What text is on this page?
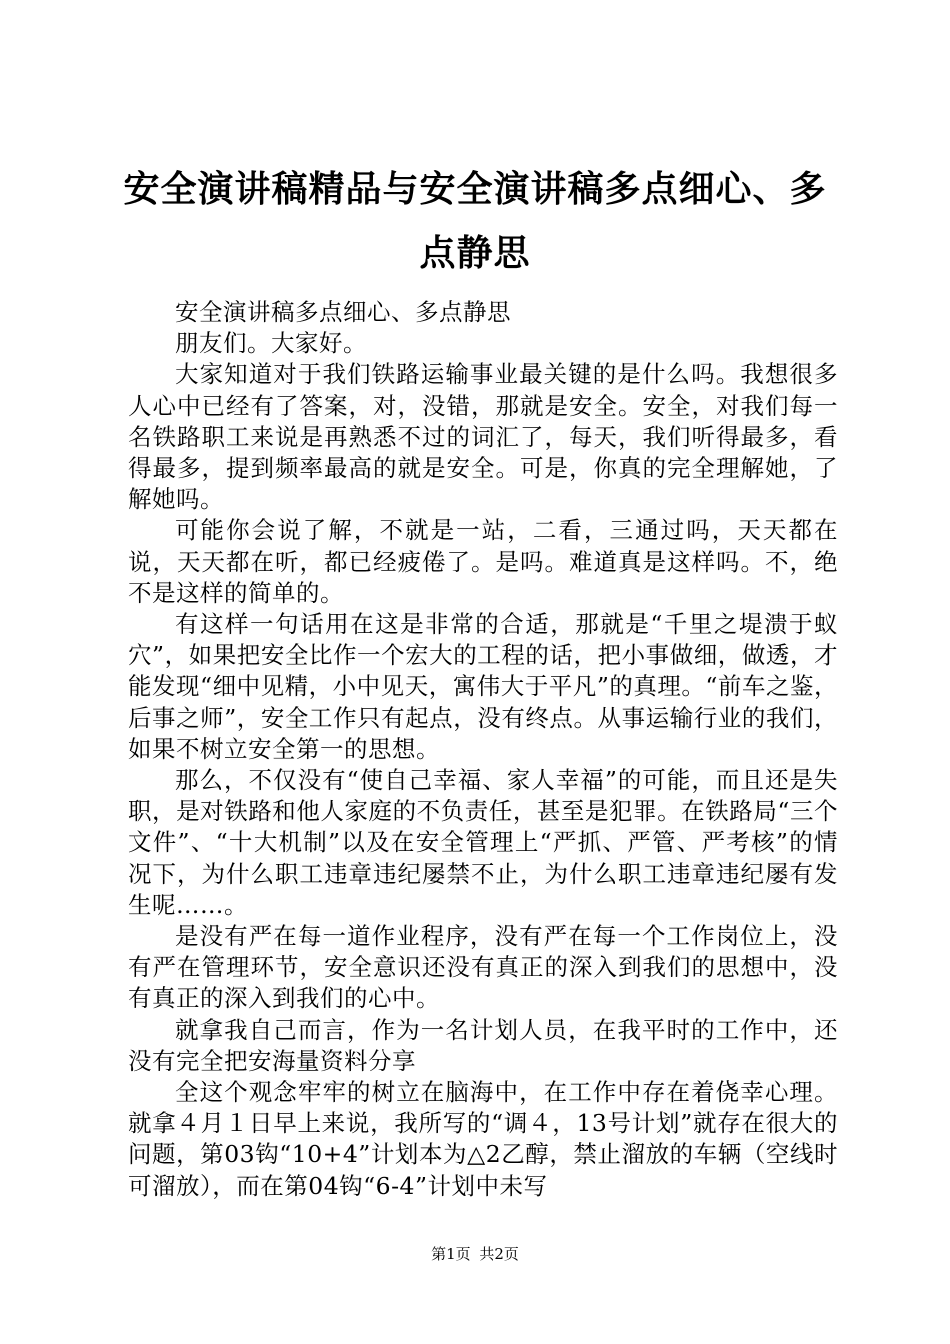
安全演讲稿精品与安全演讲稿多点细心、多点静思

安全演讲稿多点细心、多点静思

朋友们。大家好。

大家知道对于我们铁路运输事业最关键的是什么吗。我想很多人心中已经有了答案，对，没错，那就是安全。安全，对我们每一名铁路职工来说是再熟悉不过的词汇了，每天，我们听得最多，看得最多，提到频率最高的就是安全。可是，你真的完全理解她，了解她吗。

可能你会说了解，不就是一站，二看，三通过吗，天天都在说，天天都在听，都已经疲倦了。是吗。难道真是这样吗。不，绝不是这样的简单的。

有这样一句话用在这是非常的合适，那就是“千里之堤溃于蚁穴”，如果把安全比作一个宏大的工程的话，把小事做细，做透，才能发现“细中见精，小中见天，寓伟大于平凡”的真理。“前车之鉴，后事之师”，安全工作只有起点，没有终点。从事运输行业的我们，如果不树立安全第一的思想。

那么，不仅没有“使自己幸福、家人幸福”的可能，而且还是失职，是对铁路和他人家庭的不负责任，甚至是犯罪。在铁路局“三个文件”、“十大机制”以及在安全管理上“严抓、严管、严考核”的情况下，为什么职工违章违纪屡禁不止，为什么职工违章违纪屡有发生呢……。

是没有严在每一道作业程序，没有严在每一个工作岗位上，没有严在管理环节，安全意识还没有真正的深入到我们的思想中，没有真正的深入到我们的心中。

就拿我自己而言，作为一名计划人员，在我平时的工作中，还没有完全把安海量资料分享

全这个观念牢牢的树立在脑海中，在工作中存在着侥幸心理。就拿４月１日早上来说，我所写的“调４，13号计划”就存在很大的问题，第03钩“10+4”计划本为△2乙醇，禁止溜放的车辆（空线时可溜放），而在第04钩“6-4”计划中未写

第1页 共2页
